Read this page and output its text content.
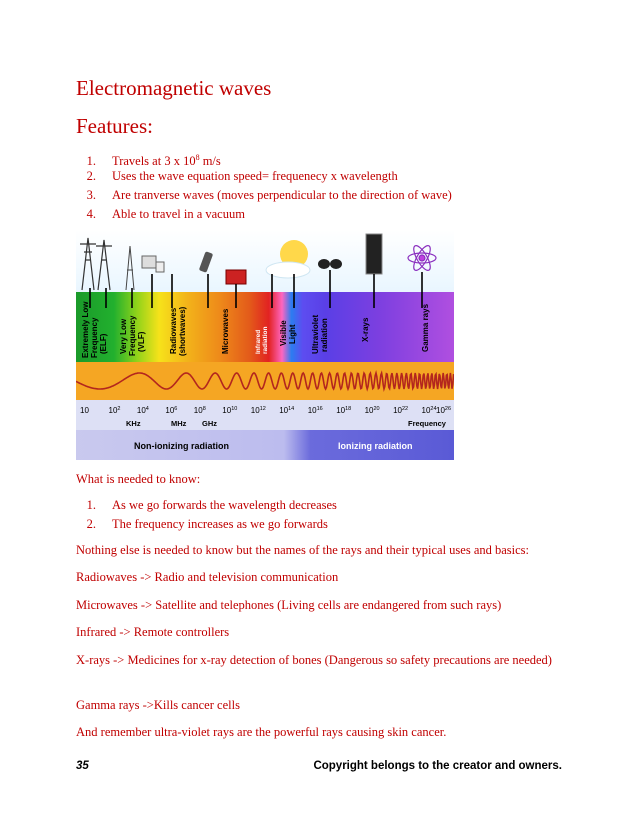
Electromagnetic waves
Features:
1. Travels at 3 x $10^8$ m/s
2. Uses the wave equation speed= frequenecy x wavelength
3. Are tranverse waves (moves perpendicular to the direction of wave)
4. Able to travel in a vacuum
Extremely Low Frequency (ELF) Very Low Frequency (VLF)	Radiowaves (shortwaves)	Microwaves	Infrared radiation Visible Light Ultraviolet radiation	X-rays	Gamma rays
10 $10^2$ $10^4$ $10^6$ $10^8$ $10^{10}$ $10^{12}$ $10^{14}$ $10^{16}$ $10^{18}$ $10^{20}$ $10^{22}$ $10^{24}$ $10^{26}$
KHz	MHz GHz	Frequency
Non-ionizing radiation	Ionizing radiation
What is needed to know:
1. As we go forwards the wavelength decreases
2. The frequency increases as we go forwards
Nothing else is needed to know but the names of the rays and their typical uses and basics:
Radiowaves -> Radio and television communication
Microwaves -> Satellite and telephones (Living cells are endangered from such rays)
Infrared -> Remote controllers
X-rays -> Medicines for x-ray detection of bones (Dangerous so safety precautions are needed)
Gamma rays ->Kills cancer cells
And remember ultra-violet rays are the powerful rays causing skin cancer.
35	Copyright belongs to the creator and owners.
